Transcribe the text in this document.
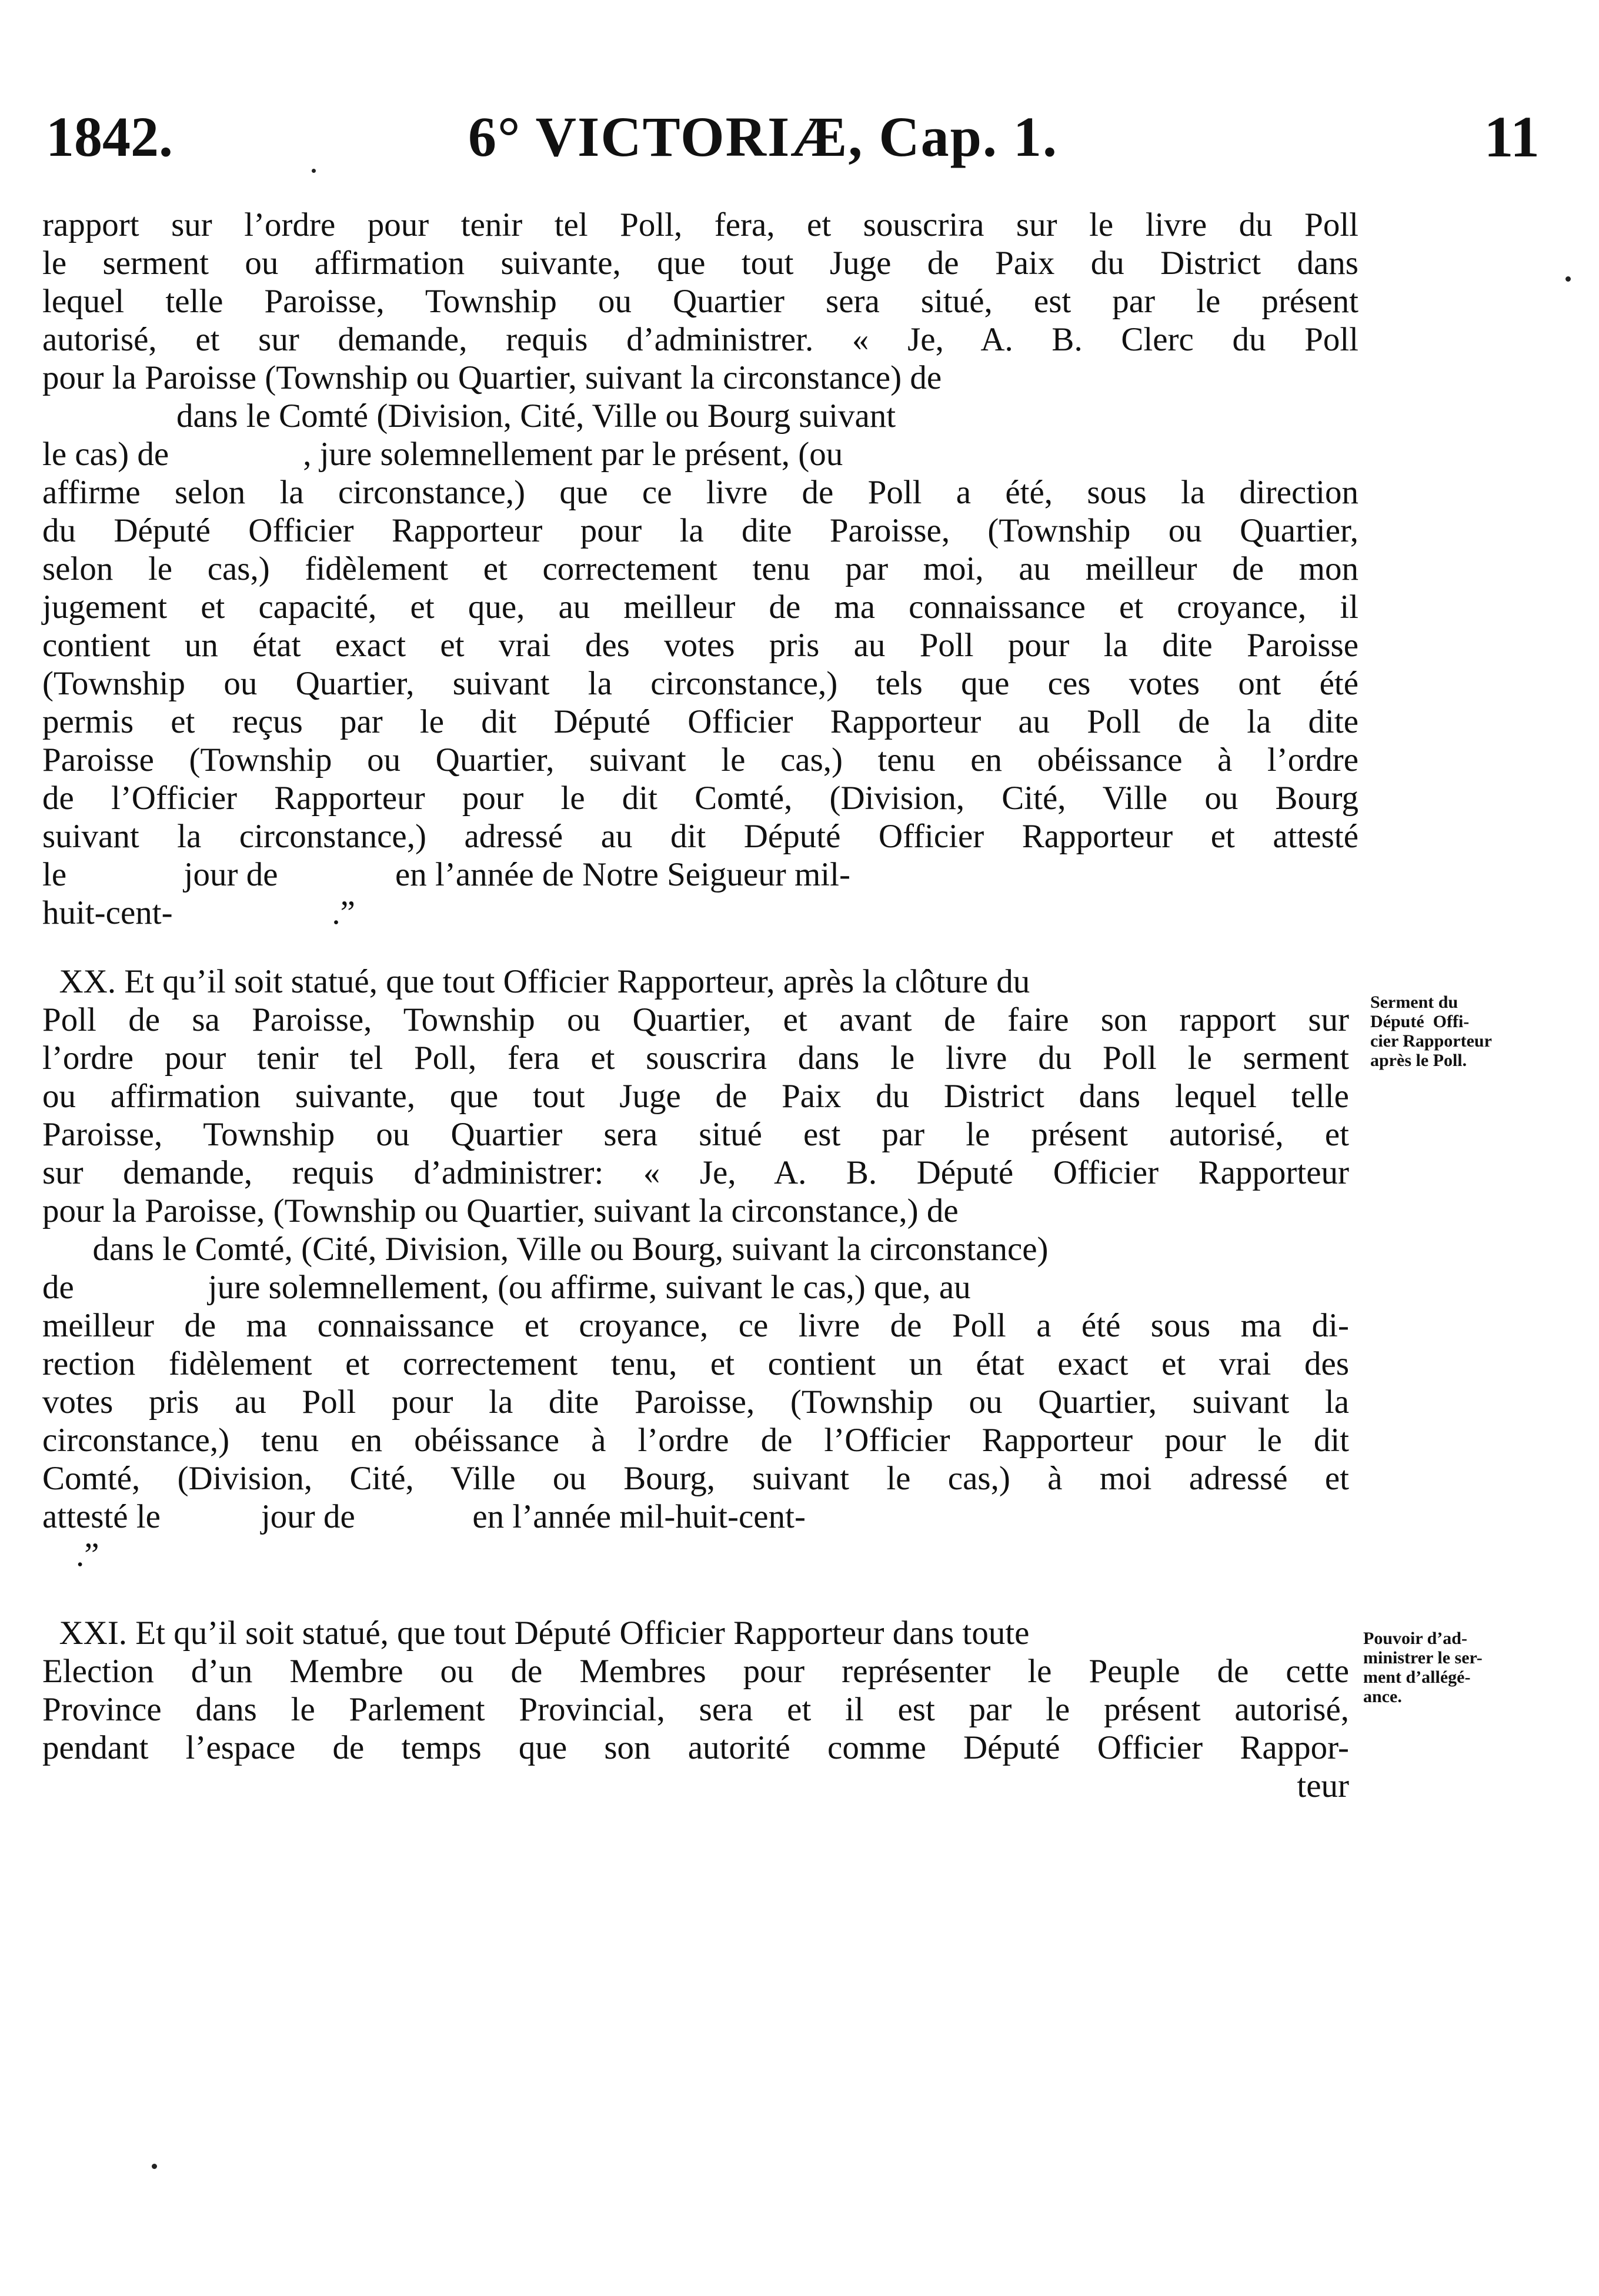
1842.	6° VICTORIÆ, Cap. 1.	11
rapport sur l’ordre pour tenir tel Poll, fera, et souscrira sur le livre du Poll
le serment ou affirmation suivante, que tout Juge de Paix du District dans
lequel telle Paroisse, Township ou Quartier sera situé, est par le présent
autorisé, et sur demande, requis d’administrer. « Je, A. B. Clerc du Poll
pour la Paroisse (Township ou Quartier, suivant la circonstance) de
dans le Comté (Division, Cité, Ville ou Bourg suivant
le cas) de                , jure solemnellement par le présent, (ou
affirme selon la circonstance,) que ce livre de Poll a été, sous la direction
du Député Officier Rapporteur pour la dite Paroisse, (Township ou Quartier,
selon le cas,) fidèlement et correctement tenu par moi, au meilleur de mon
jugement et capacité, et que, au meilleur de ma connaissance et croyance, il
contient un état exact et vrai des votes pris au Poll pour la dite Paroisse
(Township ou Quartier, suivant la circonstance,) tels que ces votes ont été
permis et reçus par le dit Député Officier Rapporteur au Poll de la dite
Paroisse (Township ou Quartier, suivant le cas,) tenu en obéissance à l’ordre
de l’Officier Rapporteur pour le dit Comté, (Division, Cité, Ville ou Bourg
suivant la circonstance,) adressé au dit Député Officier Rapporteur et attesté
le              jour de              en l’année de Notre Seigueur mil-
huit-cent-                   .”
XX. Et qu’il soit statué, que tout Officier Rapporteur, après la clôture du
Poll de sa Paroisse, Township ou Quartier, et avant de faire son rapport sur
l’ordre pour tenir tel Poll, fera et souscrira dans le livre du Poll le serment
ou affirmation suivante, que tout Juge de Paix du District dans lequel telle
Paroisse, Township ou Quartier sera situé est par le présent autorisé, et
sur demande, requis d’administrer: « Je, A. B. Député Officier Rapporteur
pour la Paroisse, (Township ou Quartier, suivant la circonstance,) de
dans le Comté, (Cité, Division, Ville ou Bourg, suivant la circonstance)
de                jure solemnellement, (ou affirme, suivant le cas,) que, au
meilleur de ma connaissance et croyance, ce livre de Poll a été sous ma di-
rection fidèlement et correctement tenu, et contient un état exact et vrai des
votes pris au Poll pour la dite Paroisse, (Township ou Quartier, suivant la
circonstance,) tenu en obéissance à l’ordre de l’Officier Rapporteur pour le dit
Comté, (Division, Cité, Ville ou Bourg, suivant le cas,) à moi adressé et
attesté le            jour de              en l’année mil-huit-cent-
.”
Serment du
Député  Offi-
cier Rapporteur
après le Poll.
XXI. Et qu’il soit statué, que tout Député Officier Rapporteur dans toute
Election d’un Membre ou de Membres pour représenter le Peuple de cette
Province dans le Parlement Provincial, sera et il est par le présent autorisé,
pendant l’espace de temps que son autorité comme Député Officier Rappor-
teur
Pouvoir d’ad-
ministrer le ser-
ment d’allégé-
ance.
